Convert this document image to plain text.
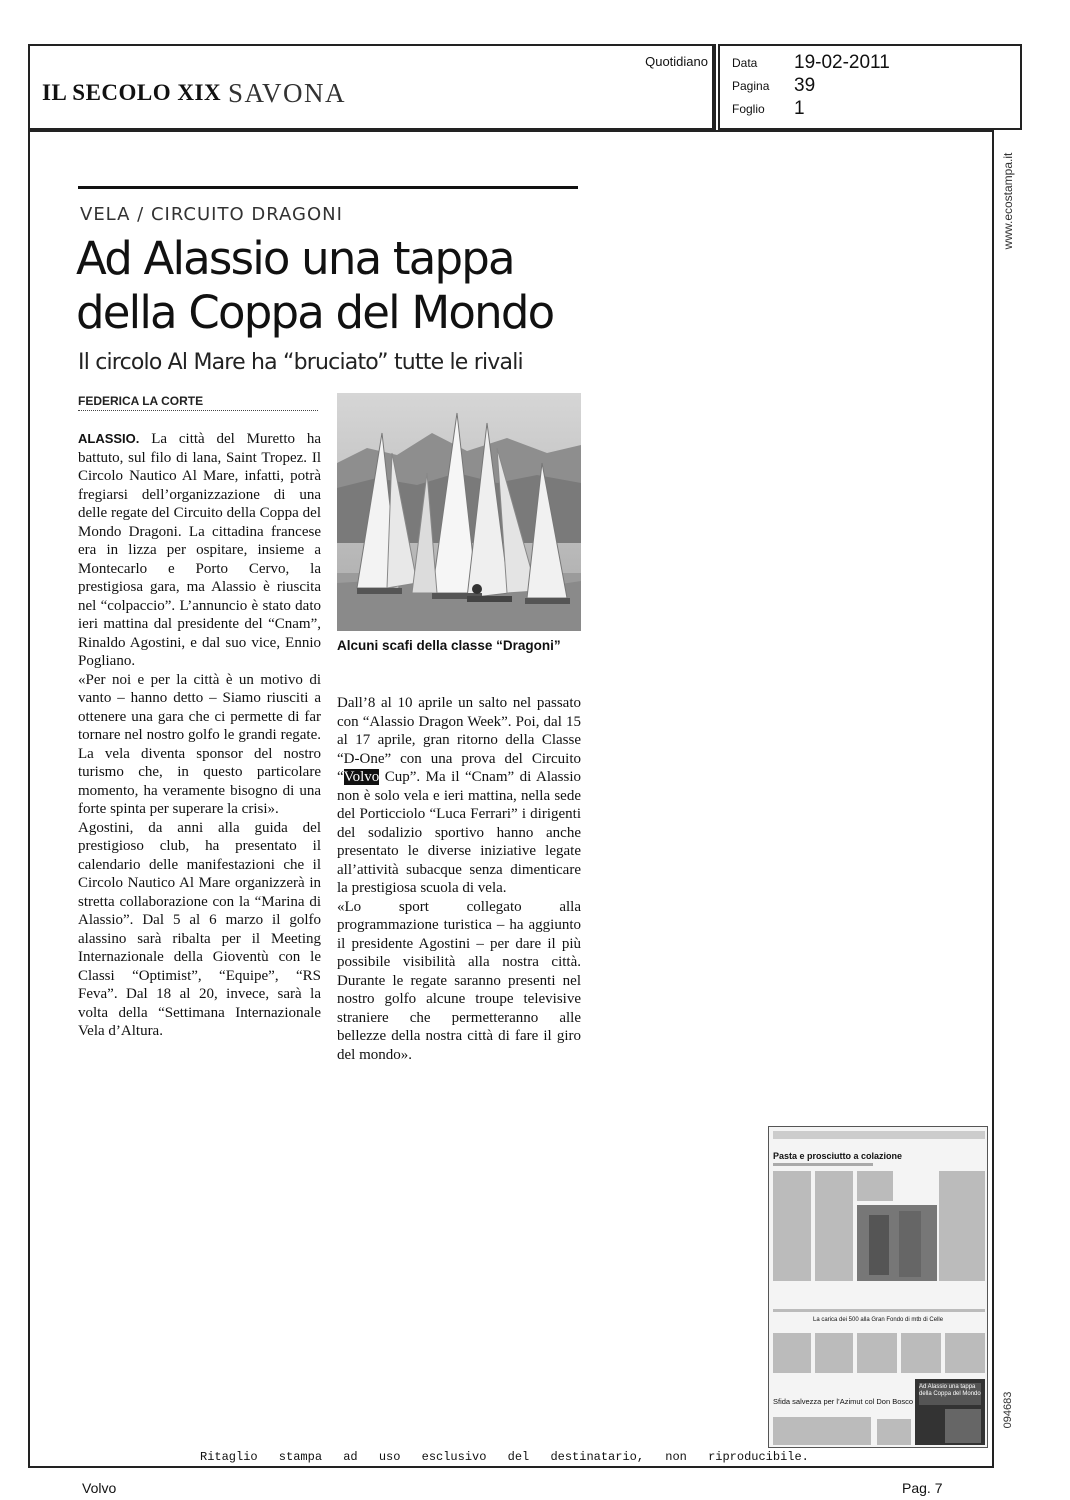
IL SECOLO XIX SAVONA
Quotidiano Data 19-02-2011
Pagina 39
Foglio 1
www.ecostampa.it
094683
VELA / CIRCUITO DRAGONI
Ad Alassio una tappa
della Coppa del Mondo
Il circolo Al Mare ha “bruciato” tutte le rivali
FEDERICA LA CORTE

ALASSIO. La città del Muretto ha battuto, sul filo di lana, Saint Tropez. Il Circolo Nautico Al Mare, infatti, potrà fregiarsi dell’organizzazione di una delle regate del Circuito della Coppa del Mondo Dragoni. La cittadina francese era in lizza per ospitare, insieme a Montecarlo e Porto Cervo, la prestigiosa gara, ma Alassio è riuscita nel “colpaccio”. L’annuncio è stato dato ieri mattina dal presidente del “Cnam”, Rinaldo Agostini, e dal suo vice, Ennio Pogliano.

«Per noi e per la città è un motivo di vanto – hanno detto – Siamo riusciti a ottenere una gara che ci permette di far tornare nel nostro golfo le grandi regate. La vela diventa sponsor del nostro turismo che, in questo particolare momento, ha veramente bisogno di una forte spinta per superare la crisi».

Agostini, da anni alla guida del prestigioso club, ha presentato il calendario delle manifestazioni che il Circolo Nautico Al Mare organizzerà in stretta collaborazione con la “Marina di Alassio”. Dal 5 al 6 marzo il golfo alassino sarà ribalta per il Meeting Internazionale della Gioventù con le Classi “Optimist”, “Equipe”, “RS Feva”. Dal 18 al 20, invece, sarà la volta della “Settimana Internazionale Vela d’Altura.

Alcuni scafi della classe “Dragoni”

Dall’8 al 10 aprile un salto nel passato con “Alassio Dragon Week”. Poi, dal 15 al 17 aprile, gran ritorno della Classe “D-One” con una prova del Circuito “Volvo Cup”. Ma il “Cnam” di Alassio non è solo vela e ieri mattina, nella sede del Porticciolo “Luca Ferrari” i dirigenti del sodalizio sportivo hanno anche presentato le diverse iniziative legate all’attività subacque senza dimenticare la prestigiosa scuola di vela.

«Lo sport collegato alla programmazione turistica – ha aggiunto il presidente Agostini – per dare il più possibile visibilità alla nostra città. Durante le regate saranno presenti nel nostro golfo alcune troupe televisive straniere che permetteranno alle bellezze della nostra città di fare il giro del mondo».

Pasta e prosciutto a colazione
La carica dei 500 alla Gran Fondo di mtb di Celle
Sfida salvezza per l’Azimut col Don Bosco
Ad Alassio una tappa della Coppa del Mondo
Ritaglio stampa ad uso esclusivo del destinatario, non riproducibile.
Volvo	Pag. 7
